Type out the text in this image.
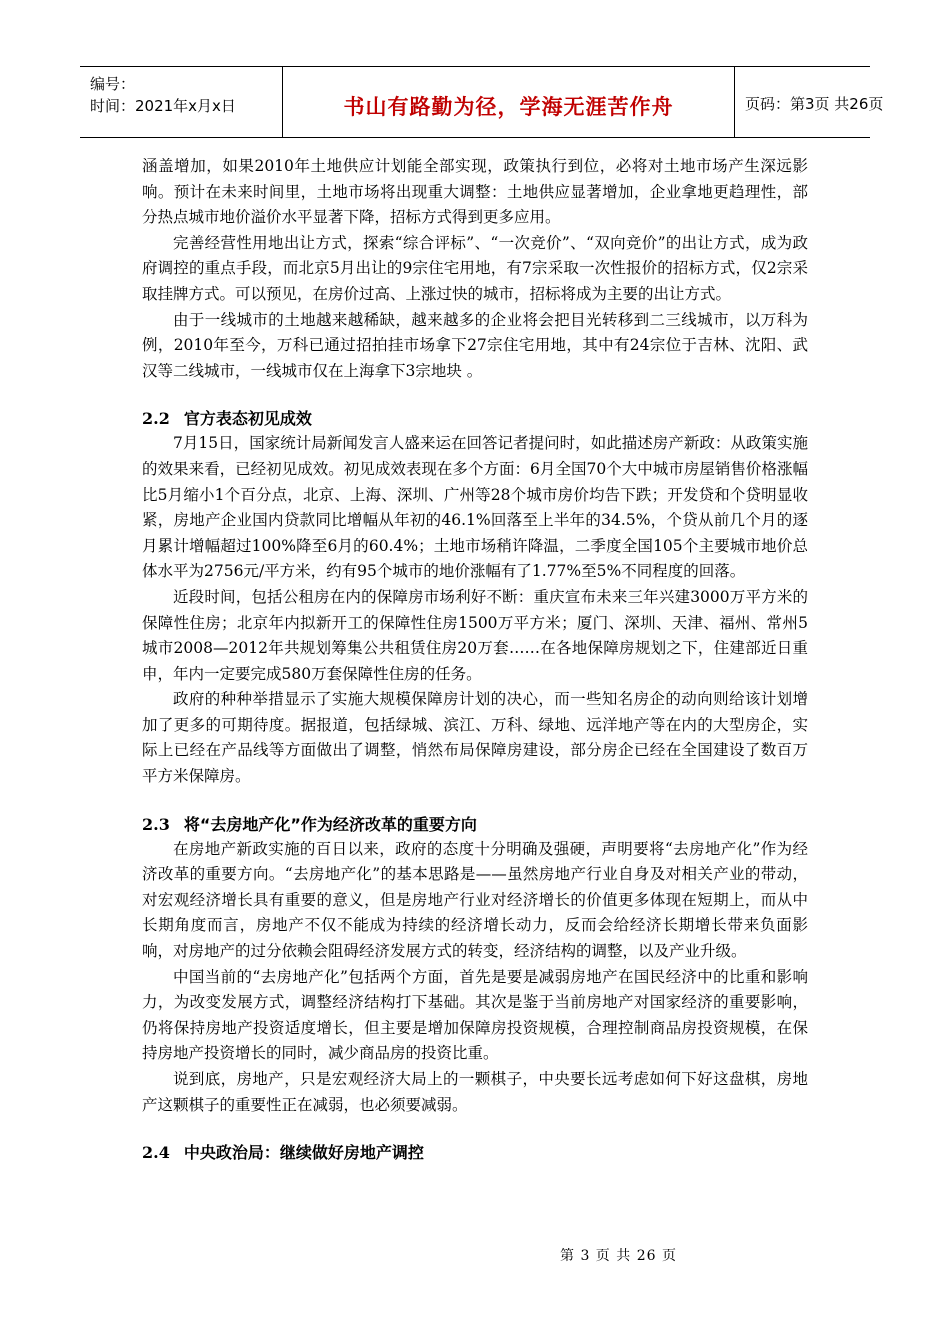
编号：
时间：2021年x月x日	书山有路勤为径，学海无涯苦作舟	页码：第3页 共26页

涵盖增加，如果2010年土地供应计划能全部实现，政策执行到位，必将对土地市场产生深远影响。预计在未来时间里，土地市场将出现重大调整：土地供应显著增加，企业拿地更趋理性，部分热点城市地价溢价水平显著下降，招标方式得到更多应用。

完善经营性用地出让方式，探索“综合评标”、“一次竞价”、“双向竞价”的出让方式，成为政府调控的重点手段，而北京5月出让的9宗住宅用地，有7宗采取一次性报价的招标方式，仅2宗采取挂牌方式。可以预见，在房价过高、上涨过快的城市，招标将成为主要的出让方式。

由于一线城市的土地越来越稀缺，越来越多的企业将会把目光转移到二三线城市，以万科为例，2010年至今，万科已通过招拍挂市场拿下27宗住宅用地，其中有24宗位于吉林、沈阳、武汉等二线城市，一线城市仅在上海拿下3宗地块 。

2.2 官方表态初见成效

7月15日，国家统计局新闻发言人盛来运在回答记者提问时，如此描述房产新政：从政策实施的效果来看，已经初见成效。初见成效表现在多个方面：6月全国70个大中城市房屋销售价格涨幅比5月缩小1个百分点，北京、上海、深圳、广州等28个城市房价均告下跌；开发贷和个贷明显收紧，房地产企业国内贷款同比增幅从年初的46.1%回落至上半年的34.5%，个贷从前几个月的逐月累计增幅超过100%降至6月的60.4%；土地市场稍许降温，二季度全国105个主要城市地价总体水平为2756元/平方米，约有95个城市的地价涨幅有了1.77%至5%不同程度的回落。

近段时间，包括公租房在内的保障房市场利好不断：重庆宣布未来三年兴建3000万平方米的保障性住房；北京年内拟新开工的保障性住房1500万平方米；厦门、深圳、天津、福州、常州5城市2008—2012年共规划筹集公共租赁住房20万套……在各地保障房规划之下，住建部近日重申，年内一定要完成580万套保障性住房的任务。

政府的种种举措显示了实施大规模保障房计划的决心，而一些知名房企的动向则给该计划增加了更多的可期待度。据报道，包括绿城、滨江、万科、绿地、远洋地产等在内的大型房企，实际上已经在产品线等方面做出了调整，悄然布局保障房建设，部分房企已经在全国建设了数百万平方米保障房。

2.3 将“去房地产化”作为经济改革的重要方向

在房地产新政实施的百日以来，政府的态度十分明确及强硬，声明要将“去房地产化”作为经济改革的重要方向。“去房地产化”的基本思路是——虽然房地产行业自身及对相关产业的带动，对宏观经济增长具有重要的意义，但是房地产行业对经济增长的价值更多体现在短期上，而从中长期角度而言，房地产不仅不能成为持续的经济增长动力，反而会给经济长期增长带来负面影响，对房地产的过分依赖会阻碍经济发展方式的转变，经济结构的调整，以及产业升级。

中国当前的“去房地产化”包括两个方面，首先是要是减弱房地产在国民经济中的比重和影响力，为改变发展方式，调整经济结构打下基础。其次是鉴于当前房地产对国家经济的重要影响，仍将保持房地产投资适度增长，但主要是增加保障房投资规模，合理控制商品房投资规模，在保持房地产投资增长的同时，减少商品房的投资比重。

说到底，房地产，只是宏观经济大局上的一颗棋子，中央要长远考虑如何下好这盘棋，房地产这颗棋子的重要性正在减弱，也必须要减弱。

2.4 中央政治局：继续做好房地产调控
第 3 页 共 26 页
